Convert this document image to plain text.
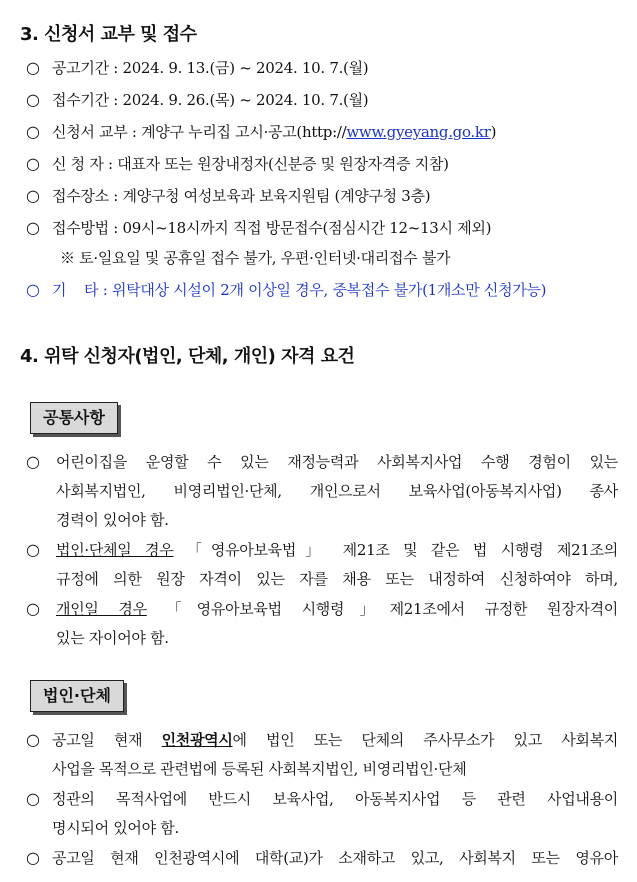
3. 신청서 교부 및 접수
○ 공고기간 : 2024. 9. 13.(금) ~ 2024. 10. 7.(월)
○ 접수기간 : 2024. 9. 26.(목) ~ 2024. 10. 7.(월)
○ 신청서 교부 : 계양구 누리집 고시·공고(http://www.gyeyang.go.kr)
○ 신 청 자 : 대표자 또는 원장내정자(신분증 및 원장자격증 지참)
○ 접수장소 : 계양구청 여성보육과 보육지원팀 (계양구청 3층)
○ 접수방법 : 09시~18시까지 직접 방문접수(점심시간 12~13시 제외)
※ 토·일요일 및 공휴일 접수 불가, 우편·인터넷·대리접수 불가
○ 기    타 : 위탁대상 시설이 2개 이상일 경우, 중복접수 불가(1개소만 신청가능)
4. 위탁 신청자(법인, 단체, 개인) 자격 요건
공통사항
○ 어린이집을 운영할 수 있는 재정능력과 사회복지사업 수행 경험이 있는
사회복지법인, 비영리법인·단체, 개인으로서 보육사업(아동복지사업) 종사
경력이 있어야 함.
○ 법인·단체일 경우 「영유아보육법」 제21조 및 같은 법 시행령 제21조의
규정에 의한 원장 자격이 있는 자를 채용 또는 내정하여 신청하여야 하며,
○ 개인일 경우 「영유아보육법 시행령」제21조에서 규정한 원장자격이
있는 자이어야 함.
법인·단체
○ 공고일 현재 인천광역시에 법인 또는 단체의 주사무소가 있고 사회복지
사업을 목적으로 관련법에 등록된 사회복지법인, 비영리법인·단체
○ 정관의 목적사업에 반드시 보육사업, 아동복지사업 등 관련 사업내용이
명시되어 있어야 함.
○ 공고일 현재 인천광역시에 대학(교)가 소재하고 있고, 사회복지 또는 영유아
